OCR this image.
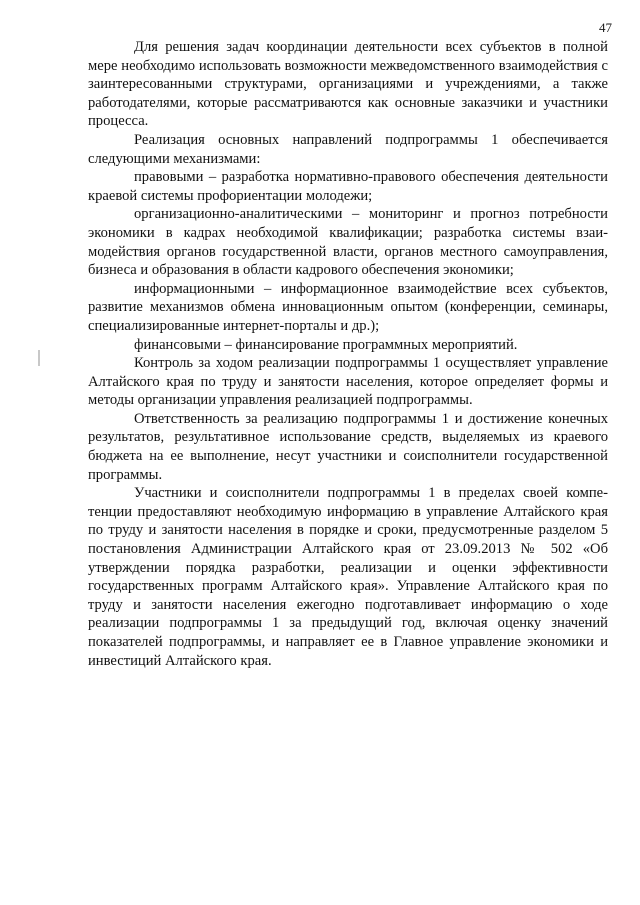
47

Для решения задач координации деятельности всех субъектов в полной мере необходимо использовать возможности межведомственного взаимодействия с заинтересованными структурами, организациями и учреждениями, а также работодателями, которые рассматриваются как основные заказчики и участники процесса.

Реализация основных направлений подпрограммы 1 обеспечивается следующими механизмами:

правовыми – разработка нормативно-правового обеспечения деятельности краевой системы профориентации молодежи;

организационно-аналитическими – мониторинг и прогноз потребности экономики в кадрах необходимой квалификации; разработка системы взаимодействия органов государственной власти, органов местного самоуправления, бизнеса и образования в области кадрового обеспечения экономики;

информационными – информационное взаимодействие всех субъектов, развитие механизмов обмена инновационным опытом (конференции, семинары, специализированные интернет-порталы и др.);

финансовыми – финансирование программных мероприятий.

Контроль за ходом реализации подпрограммы 1 осуществляет управление Алтайского края по труду и занятости населения, которое определяет формы и методы организации управления реализацией подпрограммы.

Ответственность за реализацию подпрограммы 1 и достижение конечных результатов, результативное использование средств, выделяемых из краевого бюджета на ее выполнение, несут участники и соисполнители государственной программы.

Участники и соисполнители подпрограммы 1 в пределах своей компетенции предоставляют необходимую информацию в управление Алтайского края по труду и занятости населения в порядке и сроки, предусмотренные разделом 5 постановления Администрации Алтайского края от 23.09.2013 № 502 «Об утверждении порядка разработки, реализации и оценки эффективности государственных программ Алтайского края». Управление Алтайского края по труду и занятости населения ежегодно подготавливает информацию о ходе реализации подпрограммы 1 за предыдущий год, включая оценку значений показателей подпрограммы, и направляет ее в Главное управление экономики и инвестиций Алтайского края.
